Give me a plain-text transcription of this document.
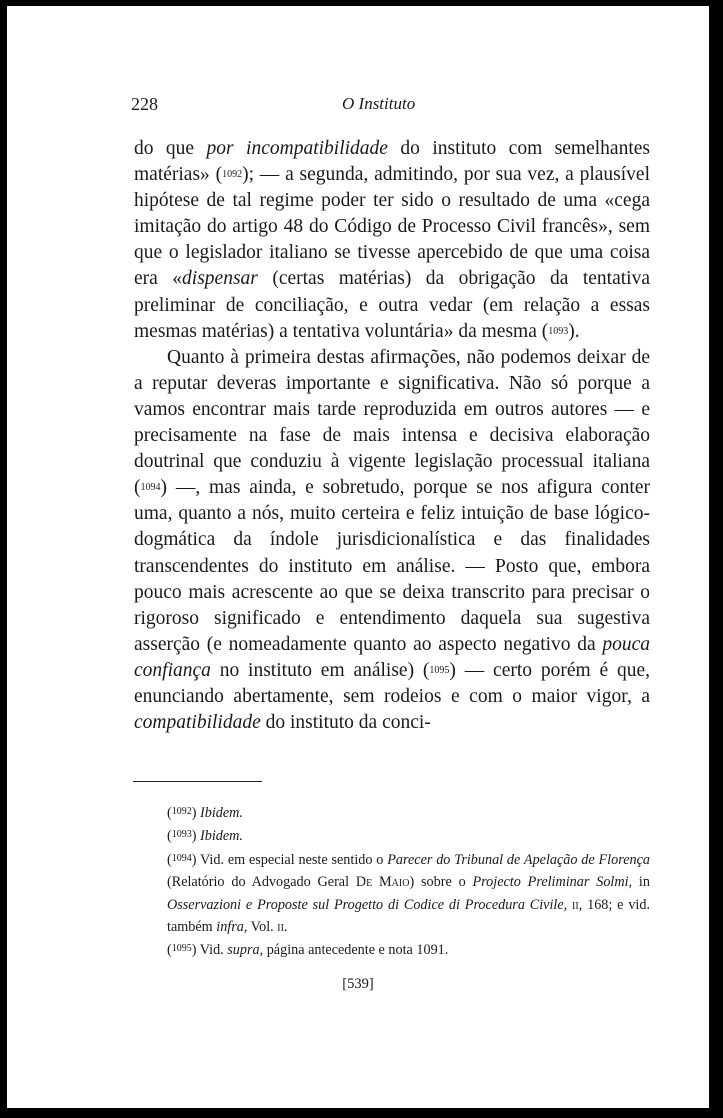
228	O Instituto

do que por incompatibilidade do instituto com semelhantes matérias» (1092); — a segunda, admitindo, por sua vez, a plausível hipótese de tal regime poder ter sido o resultado de uma «cega imitação do artigo 48 do Código de Processo Civil francês», sem que o legislador italiano se tivesse apercebido de que uma coisa era «dispensar (certas matérias) da obrigação da tentativa preliminar de conciliação, e outra vedar (em relação a essas mesmas matérias) a tentativa voluntária» da mesma (1093).

Quanto à primeira destas afirmações, não podemos deixar de a reputar deveras importante e significativa. Não só porque a vamos encontrar mais tarde reproduzida em outros autores — e precisamente na fase de mais intensa e decisiva elaboração doutrinal que conduziu à vigente legislação processual italiana (1094) —, mas ainda, e sobretudo, porque se nos afigura conter uma, quanto a nós, muito certeira e feliz intuição de base lógico-dogmática da índole jurisdicionalística e das finalidades transcendentes do instituto em análise. — Posto que, embora pouco mais acrescente ao que se deixa transcrito para precisar o rigoroso significado e entendimento daquela sua sugestiva asserção (e nomeadamente quanto ao aspecto negativo da pouca confiança no instituto em análise) (1095) — certo porém é que, enunciando abertamente, sem rodeios e com o maior vigor, a compatibilidade do instituto da conci-

($^{1092}$) Ibidem.

($^{1093}$) Ibidem.

($^{1094}$) Vid. em especial neste sentido o Parecer do Tribunal de Apelação de Florença (Relatório do Advogado Geral De Maio) sobre o Projecto Preliminar Solmi, in Osservazioni e Proposte sul Progetto di Codice di Procedura Civile, ii, 168; e vid. também infra, Vol. ii.

($^{1095}$) Vid. supra, página antecedente e nota 1091.

[539]
